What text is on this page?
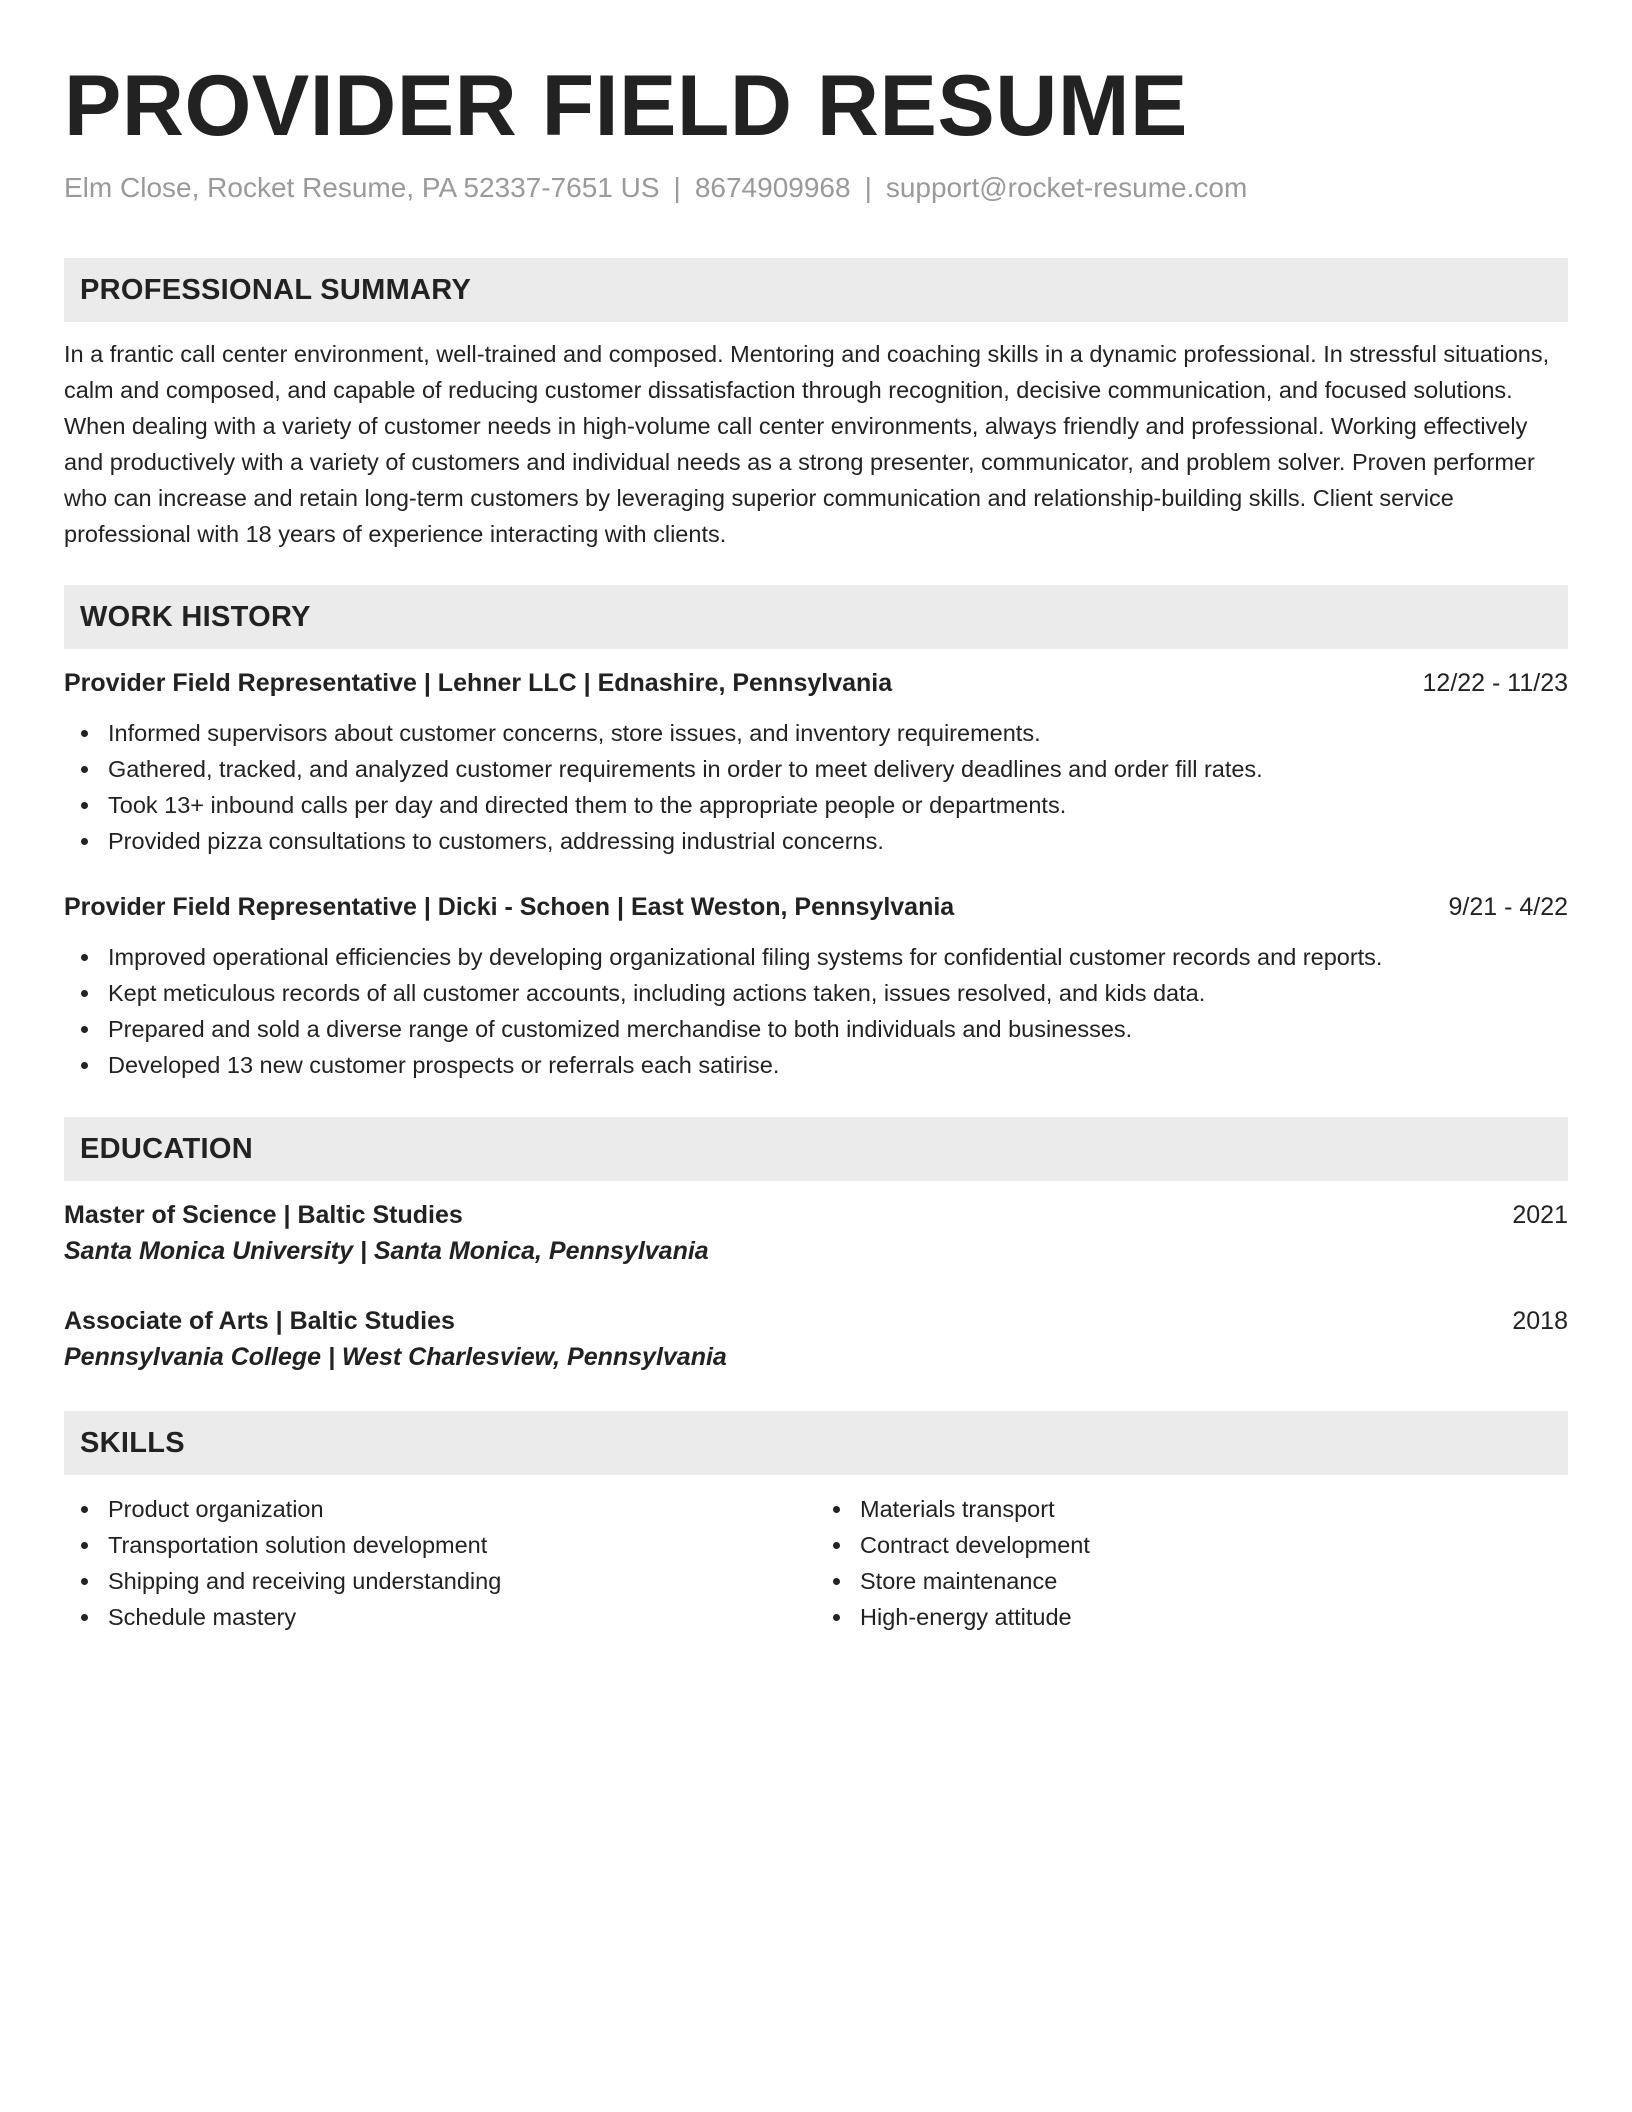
PROVIDER FIELD RESUME
Elm Close, Rocket Resume, PA 52337-7651 US | 8674909968 | support@rocket-resume.com
PROFESSIONAL SUMMARY

In a frantic call center environment, well-trained and composed. Mentoring and coaching skills in a dynamic professional. In stressful situations, calm and composed, and capable of reducing customer dissatisfaction through recognition, decisive communication, and focused solutions. When dealing with a variety of customer needs in high-volume call center environments, always friendly and professional. Working effectively and productively with a variety of customers and individual needs as a strong presenter, communicator, and problem solver. Proven performer who can increase and retain long-term customers by leveraging superior communication and relationship-building skills. Client service professional with 18 years of experience interacting with clients.

WORK HISTORY
Provider Field Representative | Lehner LLC | Ednashire, Pennsylvania	12/22 - 11/23
Informed supervisors about customer concerns, store issues, and inventory requirements.
Gathered, tracked, and analyzed customer requirements in order to meet delivery deadlines and order fill rates.
Took 13+ inbound calls per day and directed them to the appropriate people or departments.
Provided pizza consultations to customers, addressing industrial concerns.
Provider Field Representative | Dicki - Schoen | East Weston, Pennsylvania	9/21 - 4/22
Improved operational efficiencies by developing organizational filing systems for confidential customer records and reports.
Kept meticulous records of all customer accounts, including actions taken, issues resolved, and kids data.
Prepared and sold a diverse range of customized merchandise to both individuals and businesses.
Developed 13 new customer prospects or referrals each satirise.
EDUCATION
Master of Science | Baltic Studies	2021
Santa Monica University | Santa Monica, Pennsylvania
Associate of Arts | Baltic Studies	2018
Pennsylvania College | West Charlesview, Pennsylvania
SKILLS
Product organization
Transportation solution development
Shipping and receiving understanding
Schedule mastery
Materials transport
Contract development
Store maintenance
High-energy attitude
